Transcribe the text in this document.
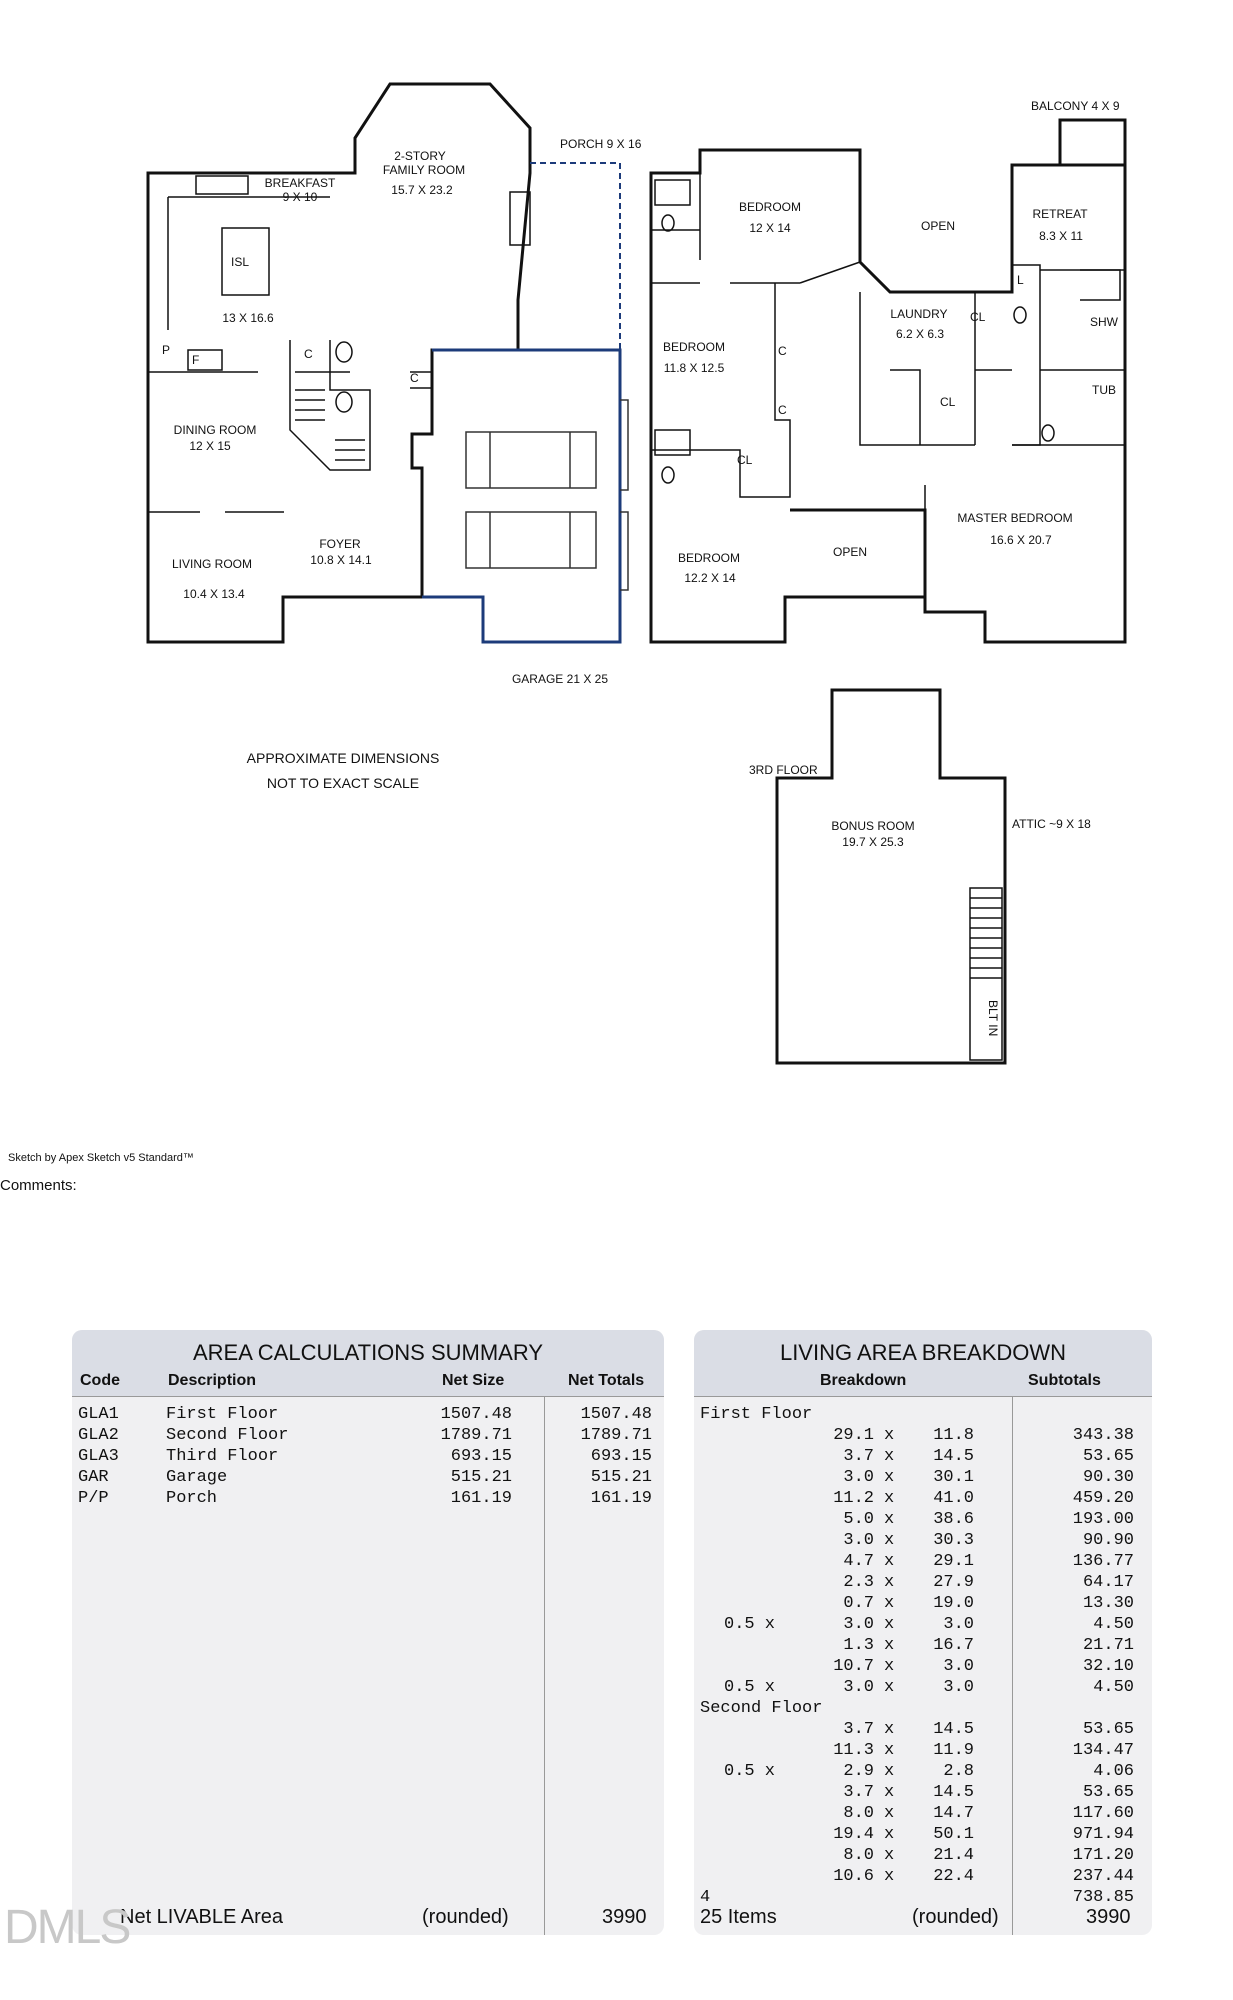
BREAKFAST
9 X 10
2-STORY
FAMILY ROOM
15.7 X 23.2
PORCH 9 X 16
ISL
13 X 16.6
P
F	C
C
DINING ROOM
12 X 15
FOYER
10.8 X 14.1
LIVING ROOM
10.4 X 13.4
GARAGE 21 X 25
BALCONY 4 X 9
BEDROOM
12 X 14	OPEN
RETREAT
8.3 X 11
LAUNDRY
6.2 X 6.3
CL
CL
CL
L
SHW
TUB
BEDROOM
11.8 X 12.5
C
C
BEDROOM
12.2 X 14
OPEN
MASTER BEDROOM
16.6 X 20.7
3RD FLOOR
BONUS ROOM
19.7 X 25.3
ATTIC ~9 X 18
BLT IN
APPROXIMATE DIMENSIONS
NOT TO EXACT SCALE
Sketch by Apex Sketch v5 Standard™
Comments:
AREA CALCULATIONS SUMMARY
Code	Description	Net Size	Net Totals
GLA1	First Floor	1507.48	1507.48
GLA2	Second Floor	1789.71	1789.71
GLA3	Third Floor	693.15	693.15
GAR	Garage	515.21	515.21
P/P	Porch	161.19	161.19
Net LIVABLE Area	(rounded)	3990
LIVING AREA BREAKDOWN
Breakdown	Subtotals
First Floor
29.1 x	11.8	343.38
3.7 x	14.5	53.65
3.0 x	30.1	90.30
11.2 x	41.0	459.20
5.0 x	38.6	193.00
3.0 x	30.3	90.90
4.7 x	29.1	136.77
2.3 x	27.9	64.17
0.7 x	19.0	13.30
0.5 x	3.0 x	3.0	4.50
1.3 x	16.7	21.71
10.7 x	3.0	32.10
0.5 x	3.0 x	3.0	4.50
Second Floor
3.7 x	14.5	53.65
11.3 x	11.9	134.47
0.5 x	2.9 x	2.8	4.06
3.7 x	14.5	53.65
8.0 x	14.7	117.60
19.4 x	50.1	971.94
8.0 x	21.4	171.20
10.6 x	22.4	237.44
4	738.85
25 Items	(rounded)	3990
DMLS
